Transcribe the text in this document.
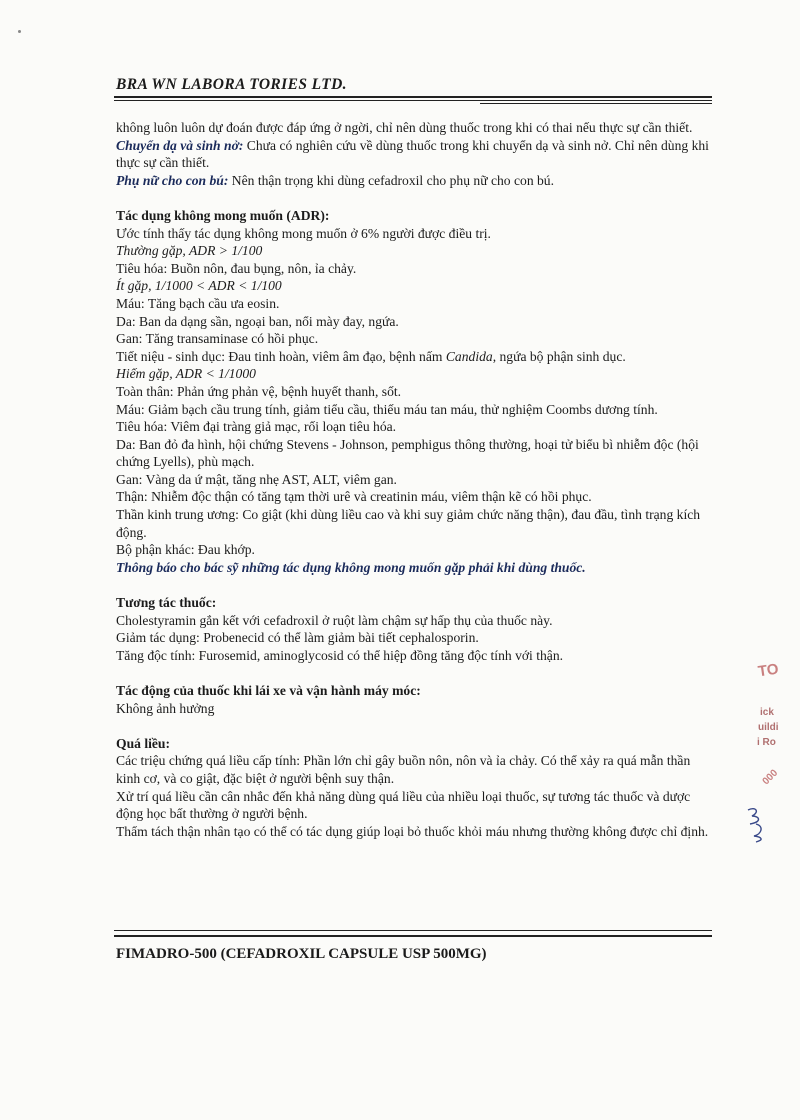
BRA WN LABORA TORIES LTD.

không luôn luôn dự đoán được đáp ứng ở ngời, chỉ nên dùng thuốc trong khi có thai nếu thực sự cần thiết.

Chuyển dạ và sinh nở: Chưa có nghiên cứu về dùng thuốc trong khi chuyển dạ và sinh nở. Chỉ nên dùng khi thực sự cần thiết.

Phụ nữ cho con bú: Nên thận trọng khi dùng cefadroxil cho phụ nữ cho con bú.

Tác dụng không mong muốn (ADR):

Ước tính thấy tác dụng không mong muốn ở 6% người được điều trị.

Thường gặp, ADR > 1/100

Tiêu hóa: Buồn nôn, đau bụng, nôn, ỉa chảy.

Ít gặp, 1/1000 < ADR < 1/100

Máu: Tăng bạch cầu ưa eosin.

Da: Ban da dạng sần, ngoại ban, nổi mày đay, ngứa.

Gan: Tăng transaminase có hồi phục.

Tiết niệu - sinh dục: Đau tinh hoàn, viêm âm đạo, bệnh nấm Candida, ngứa bộ phận sinh dục.

Hiếm gặp, ADR < 1/1000

Toàn thân: Phản ứng phản vệ, bệnh huyết thanh, sốt.

Máu: Giảm bạch cầu trung tính, giảm tiểu cầu, thiếu máu tan máu, thử nghiệm Coombs dương tính.

Tiêu hóa: Viêm đại tràng giả mạc, rối loạn tiêu hóa.

Da: Ban đỏ đa hình, hội chứng Stevens - Johnson, pemphigus thông thường, hoại tử biểu bì nhiễm độc (hội chứng Lyells), phù mạch.

Gan: Vàng da ứ mật, tăng nhẹ AST, ALT, viêm gan.

Thận: Nhiễm độc thận có tăng tạm thời urê và creatinin máu, viêm thận kẽ có hồi phục.

Thần kinh trung ương: Co giật (khi dùng liều cao và khi suy giảm chức năng thận), đau đầu, tình trạng kích động.

Bộ phận khác: Đau khớp.

Thông báo cho bác sỹ những tác dụng không mong muốn gặp phải khi dùng thuốc.

Tương tác thuốc:

Cholestyramin gắn kết với cefadroxil ở ruột làm chậm sự hấp thụ của thuốc này.

Giảm tác dụng: Probenecid có thể làm giảm bài tiết cephalosporin.

Tăng độc tính: Furosemid, aminoglycosid có thể hiệp đồng tăng độc tính với thận.

Tác động của thuốc khi lái xe và vận hành máy móc:

Không ảnh hưởng

Quá liều:

Các triệu chứng quá liều cấp tính: Phần lớn chỉ gây buồn nôn, nôn và ỉa chảy. Có thể xảy ra quá mẫn thần kinh cơ, và co giật, đặc biệt ở người bệnh suy thận.

Xử trí quá liều cần cân nhắc đến khả năng dùng quá liều của nhiều loại thuốc, sự tương tác thuốc và dược động học bất thường ở người bệnh.

Thẩm tách thận nhân tạo có thể có tác dụng giúp loại bỏ thuốc khỏi máu nhưng thường không được chỉ định.

FIMADRO-500 (CEFADROXIL CAPSULE USP 500MG)
TO
ick
uildi
i Ro
000
